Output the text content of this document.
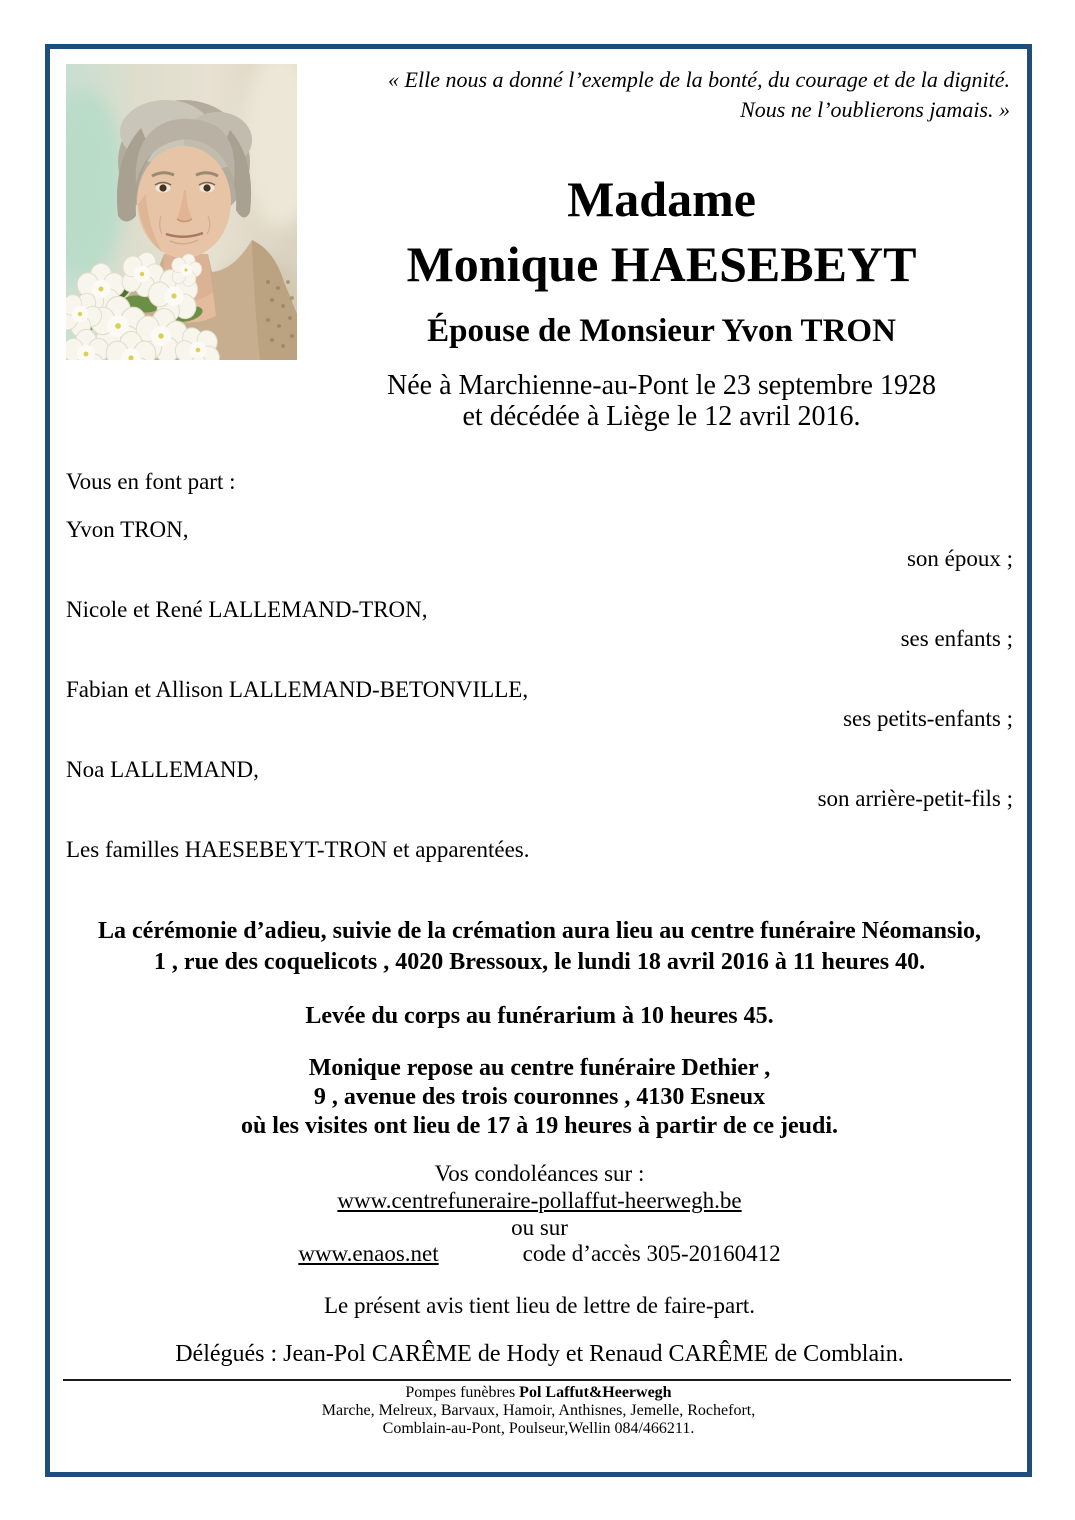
« Elle nous a donné l’exemple de la bonté, du courage et de la dignité.
Nous ne l’oublierons jamais. »
Madame
Monique HAESEBEYT
Épouse de Monsieur Yvon TRON
Née à Marchienne-au-Pont le 23 septembre 1928
et décédée à Liège le 12 avril 2016.
Vous en font part :
Yvon TRON,
son époux ;
Nicole et René LALLEMAND-TRON,
ses enfants ;
Fabian et Allison LALLEMAND-BETONVILLE,
ses petits-enfants ;
Noa LALLEMAND,
son arrière-petit-fils ;
Les familles HAESEBEYT-TRON et apparentées.
La cérémonie d’adieu, suivie de la crémation aura lieu au centre funéraire Néomansio,
1 , rue des coquelicots , 4020 Bressoux, le lundi 18 avril 2016 à 11 heures 40.
Levée du corps au funérarium à 10 heures 45.
Monique repose au centre funéraire Dethier ,
9 , avenue des trois couronnes , 4130 Esneux
où les visites ont lieu de 17 à 19 heures à partir de ce jeudi.
Vos condoléances sur :
www.centrefuneraire-pollaffut-heerwegh.be
ou sur
www.enaos.net	code d’accès 305-20160412
Le présent avis tient lieu de lettre de faire-part.
Délégués : Jean-Pol CARÊME de Hody et Renaud CARÊME de Comblain.
Pompes funèbres Pol Laffut&Heerwegh
Marche, Melreux, Barvaux, Hamoir, Anthisnes, Jemelle, Rochefort,
Comblain-au-Pont, Poulseur,Wellin 084/466211.
